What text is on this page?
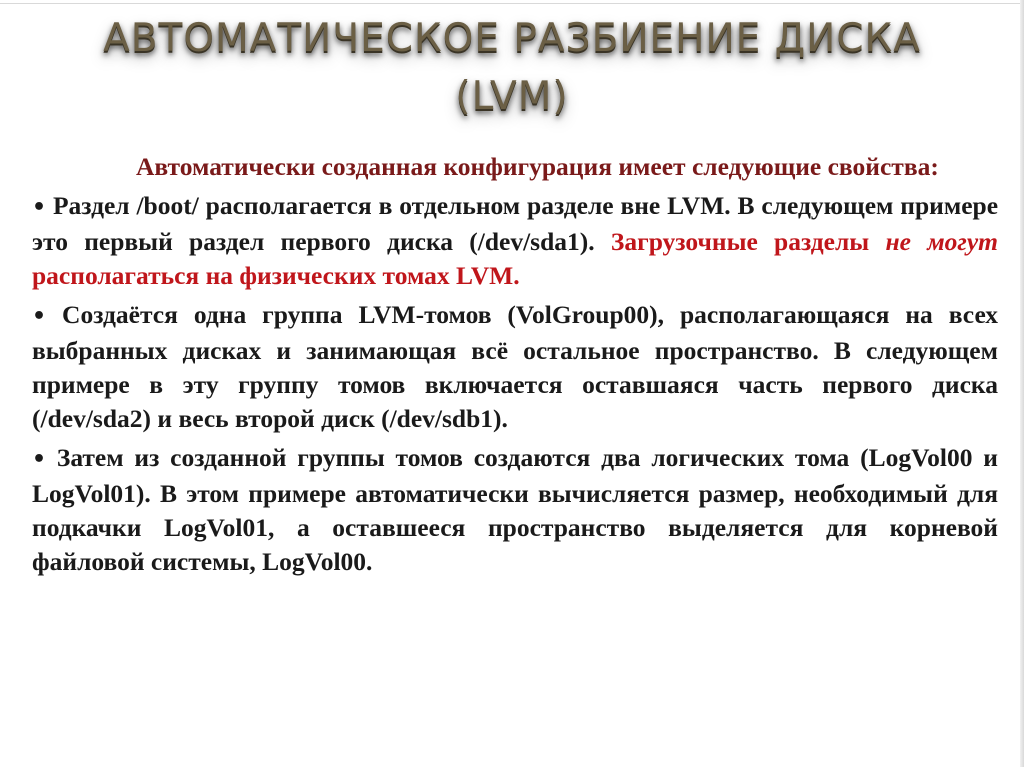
АВТОМАТИЧЕСКОЕ РАЗБИЕНИЕ ДИСКА
(LVM)

Автоматически созданная конфигурация имеет следующие свойства:

• Раздел /boot/ располагается в отдельном разделе вне LVM. В следующем примере это первый раздел первого диска (/dev/sda1). Загрузочные разделы не могут располагаться на физических томах LVM.

• Создаётся одна группа LVM-томов (VolGroup00), располагающаяся на всех выбранных дисках и занимающая всё остальное пространство. В следующем примере в эту группу томов включается оставшаяся часть первого диска (/dev/sda2) и весь второй диск (/dev/sdb1).

• Затем из созданной группы томов создаются два логических тома (LogVol00 и LogVol01). В этом примере автоматически вычисляется размер, необходимый для подкачки LogVol01, а оставшееся пространство выделяется для корневой файловой системы, LogVol00.
